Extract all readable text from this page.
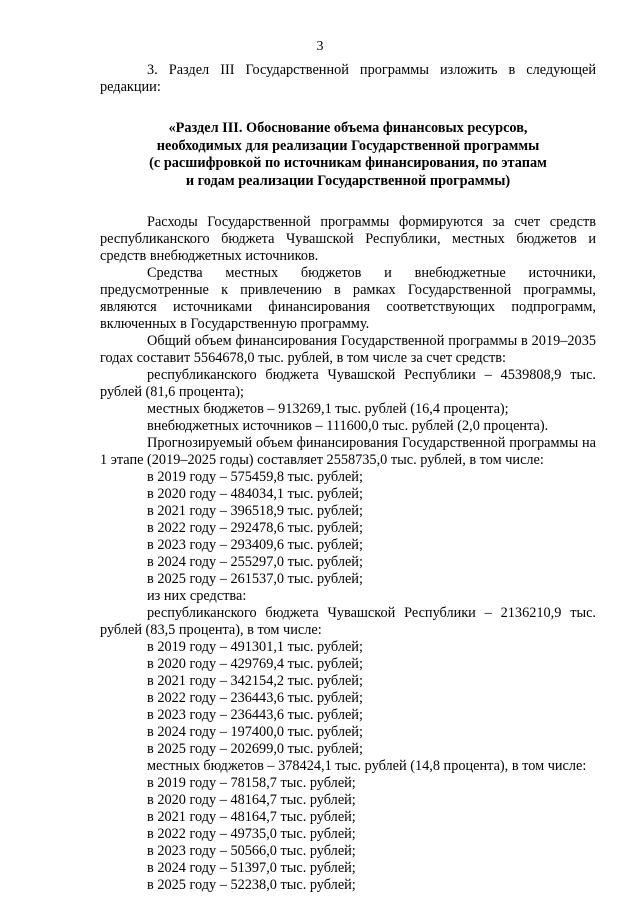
3

3. Раздел III Государственной программы изложить в следующей редакции:

«Раздел III. Обоснование объема финансовых ресурсов,
необходимых для реализации Государственной программы
(с расшифровкой по источникам финансирования, по этапам
и годам реализации Государственной программы)

Расходы Государственной программы формируются за счет средств республиканского бюджета Чувашской Республики, местных бюджетов и средств внебюджетных источников.

Средства местных бюджетов и внебюджетные источники, предусмотренные к привлечению в рамках Государственной программы, являются источниками финансирования соответствующих подпрограмм, включенных в Государственную программу.

Общий объем финансирования Государственной программы в 2019–2035 годах составит 5564678,0 тыс. рублей, в том числе за счет средств:

республиканского бюджета Чувашской Республики – 4539808,9 тыс. рублей (81,6 процента);

местных бюджетов – 913269,1 тыс. рублей (16,4 процента);

внебюджетных источников – 111600,0 тыс. рублей (2,0 процента).

Прогнозируемый объем финансирования Государственной программы на 1 этапе (2019–2025 годы) составляет 2558735,0 тыс. рублей, в том числе:

в 2019 году – 575459,8 тыс. рублей;

в 2020 году – 484034,1 тыс. рублей;

в 2021 году – 396518,9 тыс. рублей;

в 2022 году – 292478,6 тыс. рублей;

в 2023 году – 293409,6 тыс. рублей;

в 2024 году – 255297,0 тыс. рублей;

в 2025 году – 261537,0 тыс. рублей;

из них средства:

республиканского бюджета Чувашской Республики – 2136210,9 тыс. рублей (83,5 процента), в том числе:

в 2019 году – 491301,1 тыс. рублей;

в 2020 году – 429769,4 тыс. рублей;

в 2021 году – 342154,2 тыс. рублей;

в 2022 году – 236443,6 тыс. рублей;

в 2023 году – 236443,6 тыс. рублей;

в 2024 году – 197400,0 тыс. рублей;

в 2025 году – 202699,0 тыс. рублей;

местных бюджетов – 378424,1 тыс. рублей (14,8 процента), в том числе:

в 2019 году – 78158,7 тыс. рублей;

в 2020 году – 48164,7 тыс. рублей;

в 2021 году – 48164,7 тыс. рублей;

в 2022 году – 49735,0 тыс. рублей;

в 2023 году – 50566,0 тыс. рублей;

в 2024 году – 51397,0 тыс. рублей;

в 2025 году – 52238,0 тыс. рублей;
